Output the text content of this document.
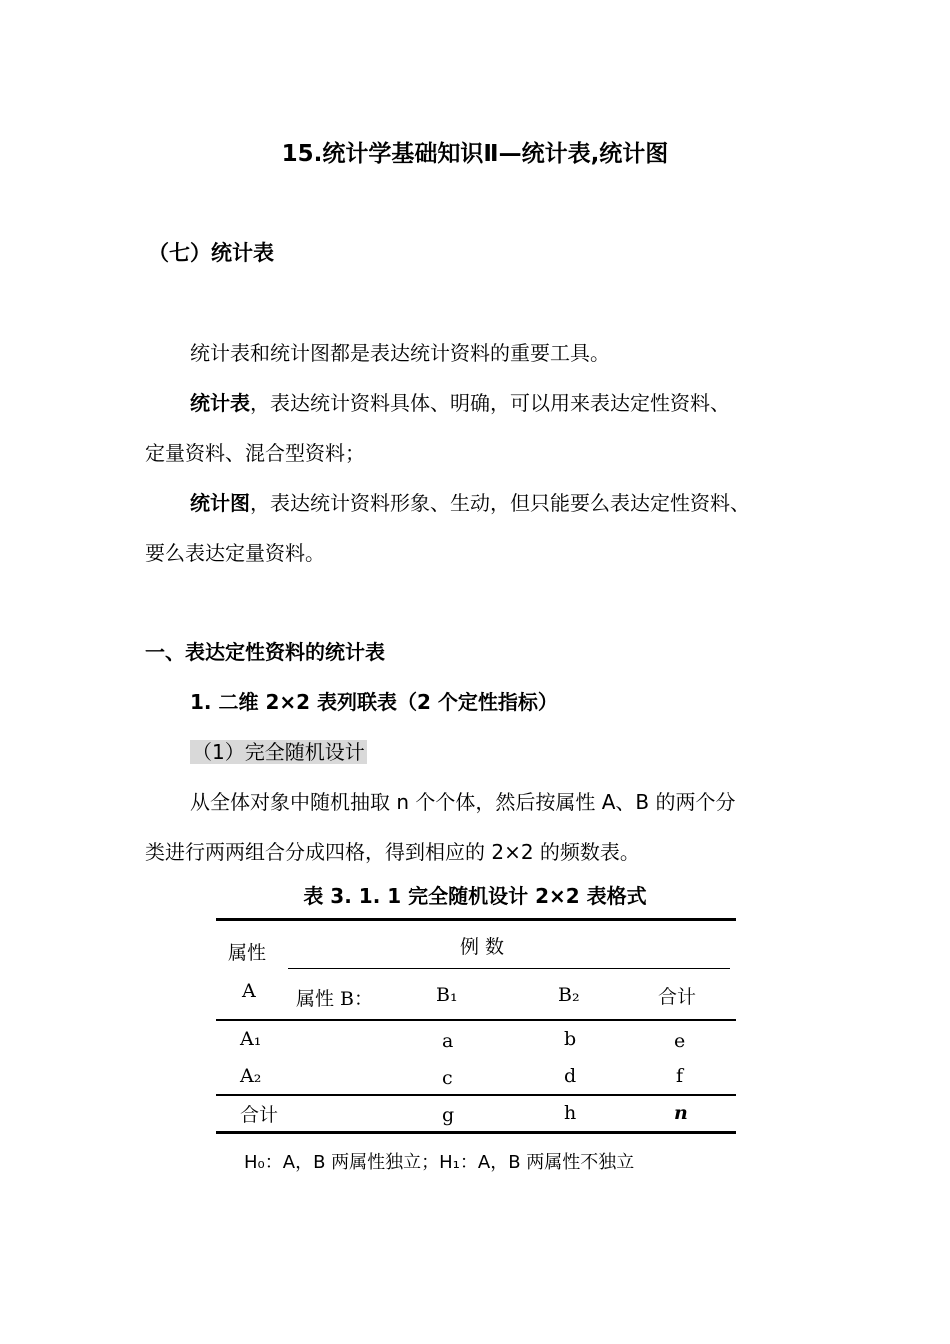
15.统计学基础知识Ⅱ—统计表,统计图
（七）统计表
统计表和统计图都是表达统计资料的重要工具。
统计表，表达统计资料具体、明确，可以用来表达定性资料、
定量资料、混合型资料；
统计图，表达统计资料形象、生动，但只能要么表达定性资料、
要么表达定量资料。
一、表达定性资料的统计表
1. 二维 2×2 表列联表（2 个定性指标）
（1）完全随机设计
从全体对象中随机抽取 n 个个体，然后按属性 A、B 的两个分
类进行两两组合分成四格，得到相应的 2×2 的频数表。
表 3. 1. 1 完全随机设计 2×2 表格式
属性	例 数
A 属性 B：	B₁	B₂	合计
A₁	a	b	e
A₂	c	d	f
合计	g	h	n
H₀：A，B 两属性独立；H₁：A，B 两属性不独立
